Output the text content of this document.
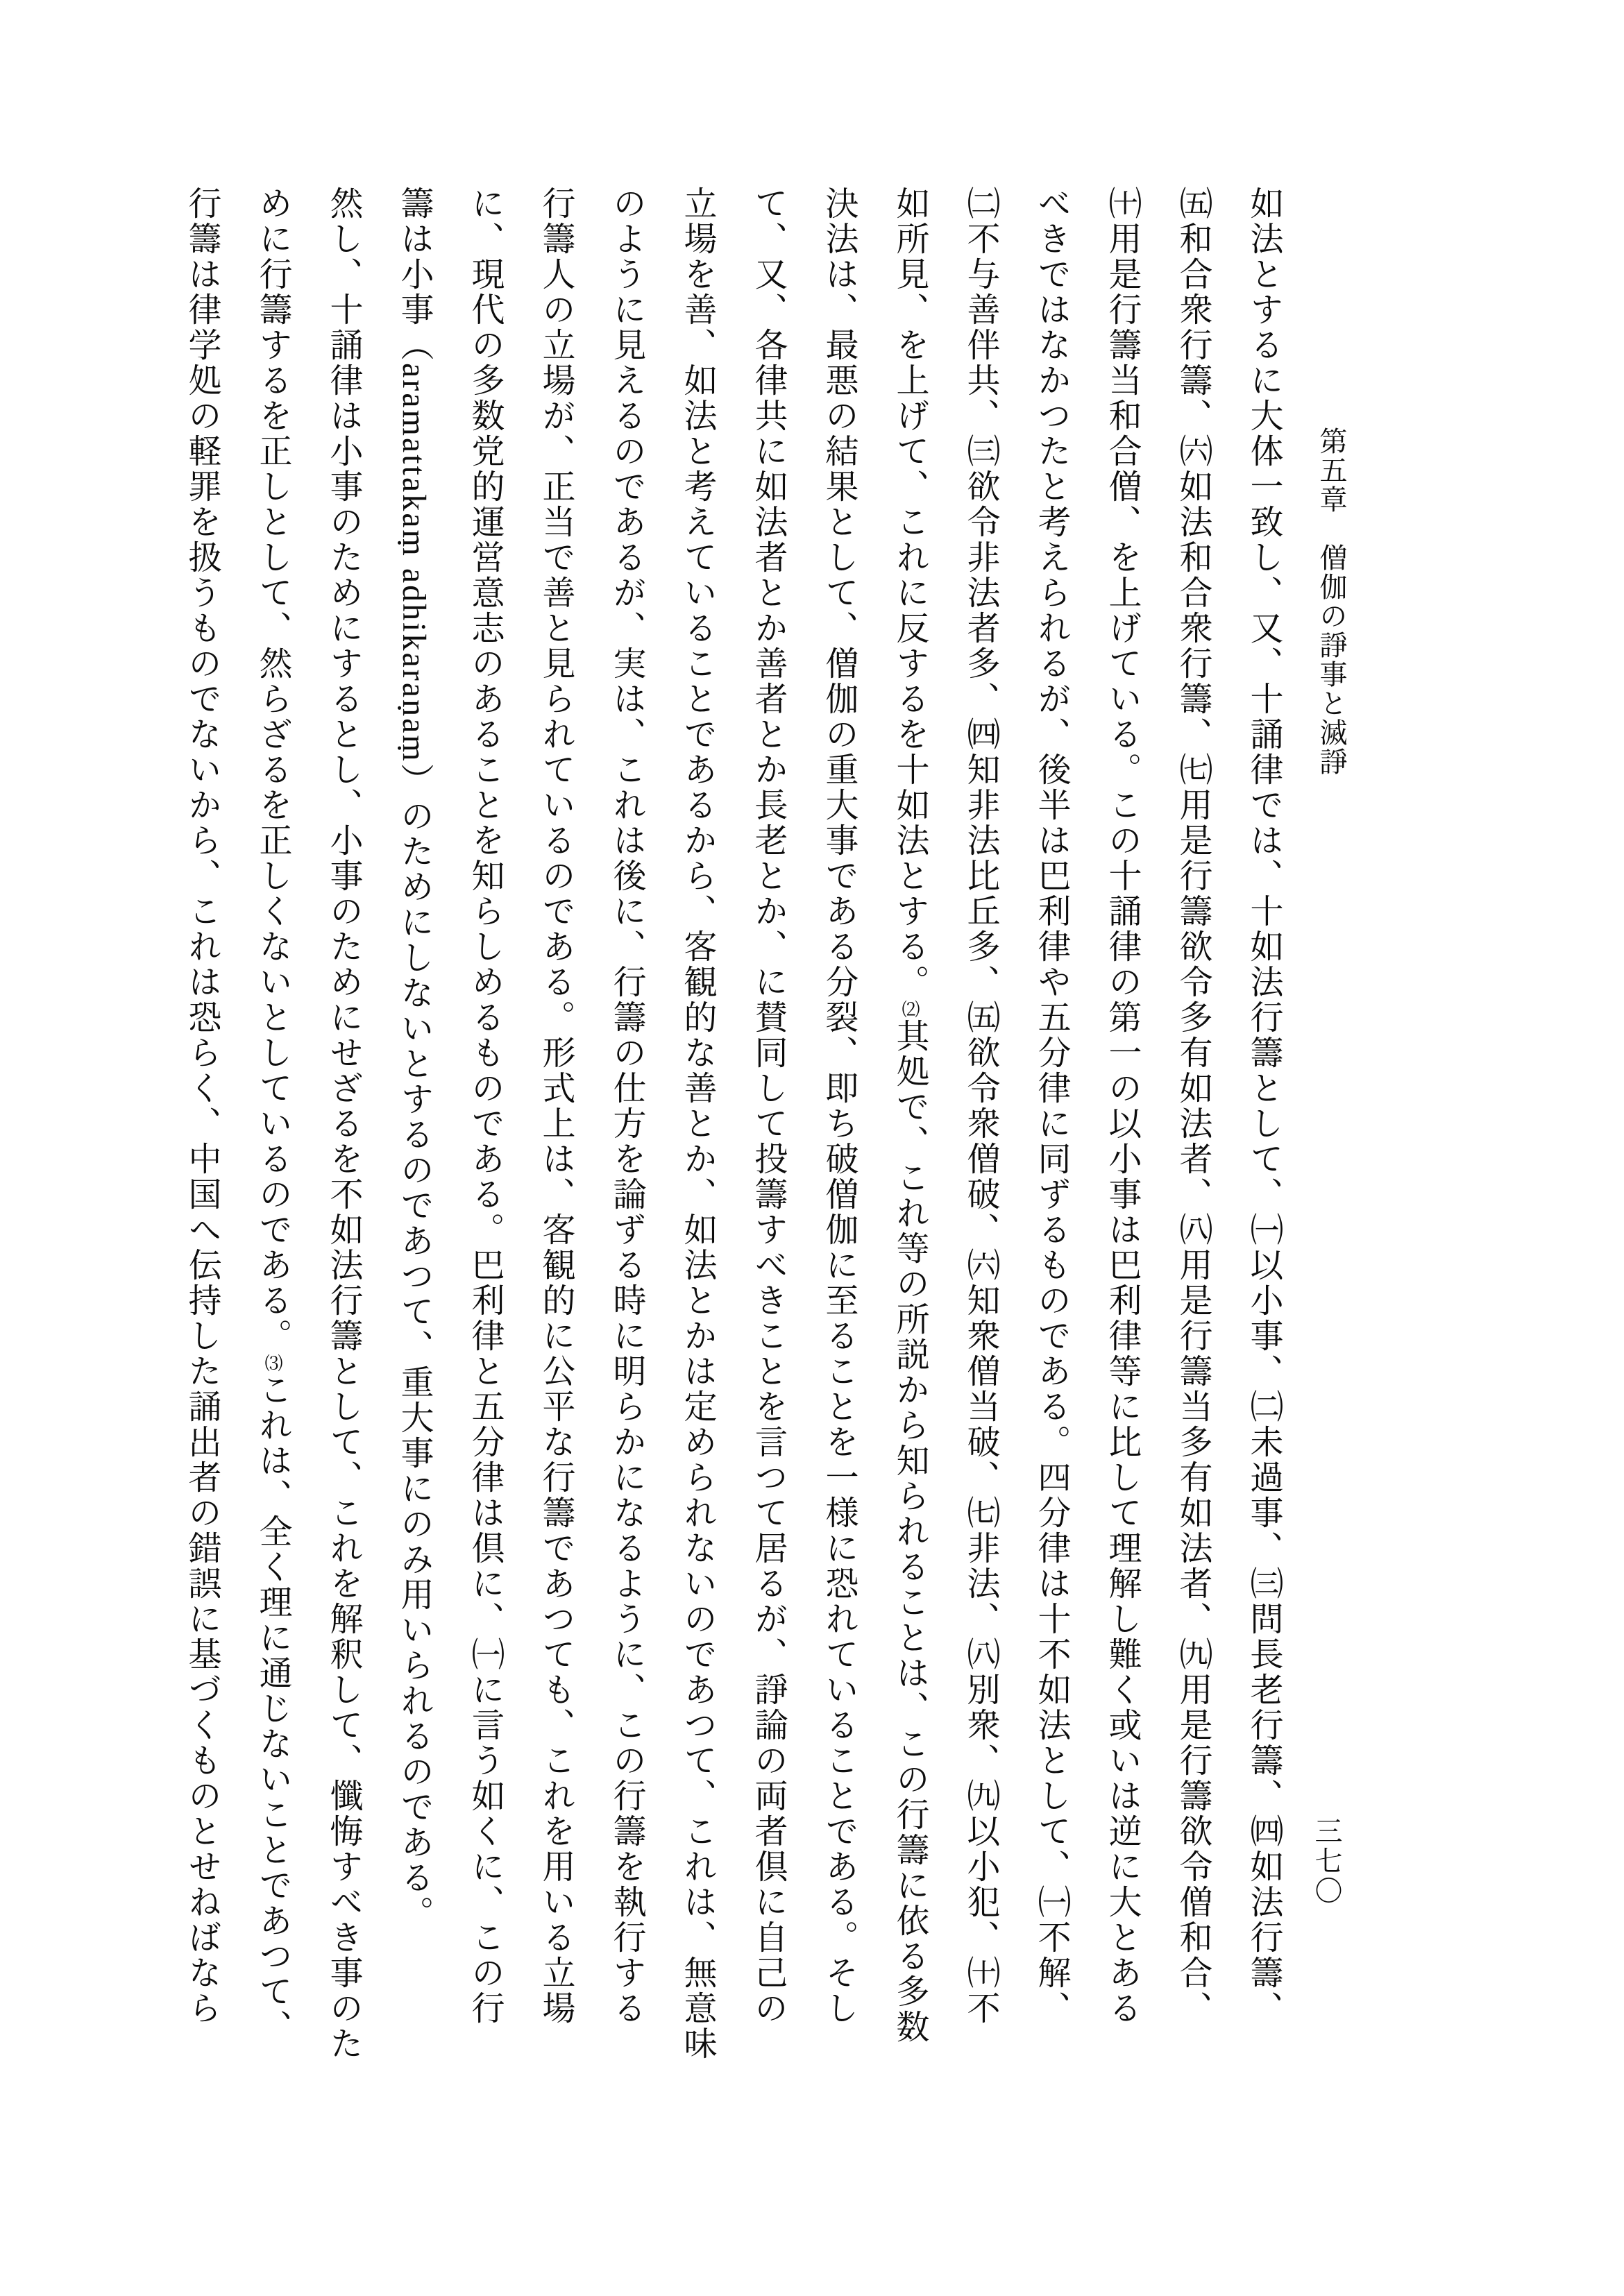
第五章　僧伽の諍事と滅諍
三七〇
如法とするに大体一致し、又、十誦律では、十如法行籌として、㈠以小事、㈡未過事、㈢問長老行籌、㈣如法行籌、
㈤和合衆行籌、㈥如法和合衆行籌、㈦用是行籌欲令多有如法者、㈧用是行籌当多有如法者、㈨用是行籌欲令僧和合、
㈩用是行籌当和合僧、を上げている。この十誦律の第一の以小事は巴利律等に比して理解し難く或いは逆に大とある
べきではなかつたと考えられるが、後半は巴利律や五分律に同ずるものである。四分律は十不如法として、㈠不解、
㈡不与善伴共、㈢欲令非法者多、㈣知非法比丘多、㈤欲令衆僧破、㈥知衆僧当破、㈦非法、㈧別衆、㈨以小犯、㈩不
如所見、を上げて、これに反するを十如法とする。⑵其処で、これ等の所説から知られることは、この行籌に依る多数
決法は、最悪の結果として、僧伽の重大事である分裂、即ち破僧伽に至ることを一様に恐れていることである。そし
て、又、各律共に如法者とか善者とか長老とか、に賛同して投籌すべきことを言つて居るが、諍論の両者倶に自己の
立場を善、如法と考えていることであるから、客観的な善とか、如法とかは定められないのであつて、これは、無意味
のように見えるのであるが、実は、これは後に、行籌の仕方を論ずる時に明らかになるように、この行籌を執行する
行籌人の立場が、正当で善と見られているのである。形式上は、客観的に公平な行籌であつても、これを用いる立場
に、現代の多数党的運営意志のあることを知らしめるものである。巴利律と五分律は倶に、㈠に言う如くに、この行
籌は小事（aramattakaṃ adhikaraṇaṃ）のためにしないとするのであつて、重大事にのみ用いられるのである。
然し、十誦律は小事のためにするとし、小事のためにせざるを不如法行籌として、これを解釈して、懺悔すべき事のた
めに行籌するを正しとして、然らざるを正しくないとしているのである。⑶これは、全く理に通じないことであつて、
行籌は律学処の軽罪を扱うものでないから、これは恐らく、中国へ伝持した誦出者の錯誤に基づくものとせねばなら
